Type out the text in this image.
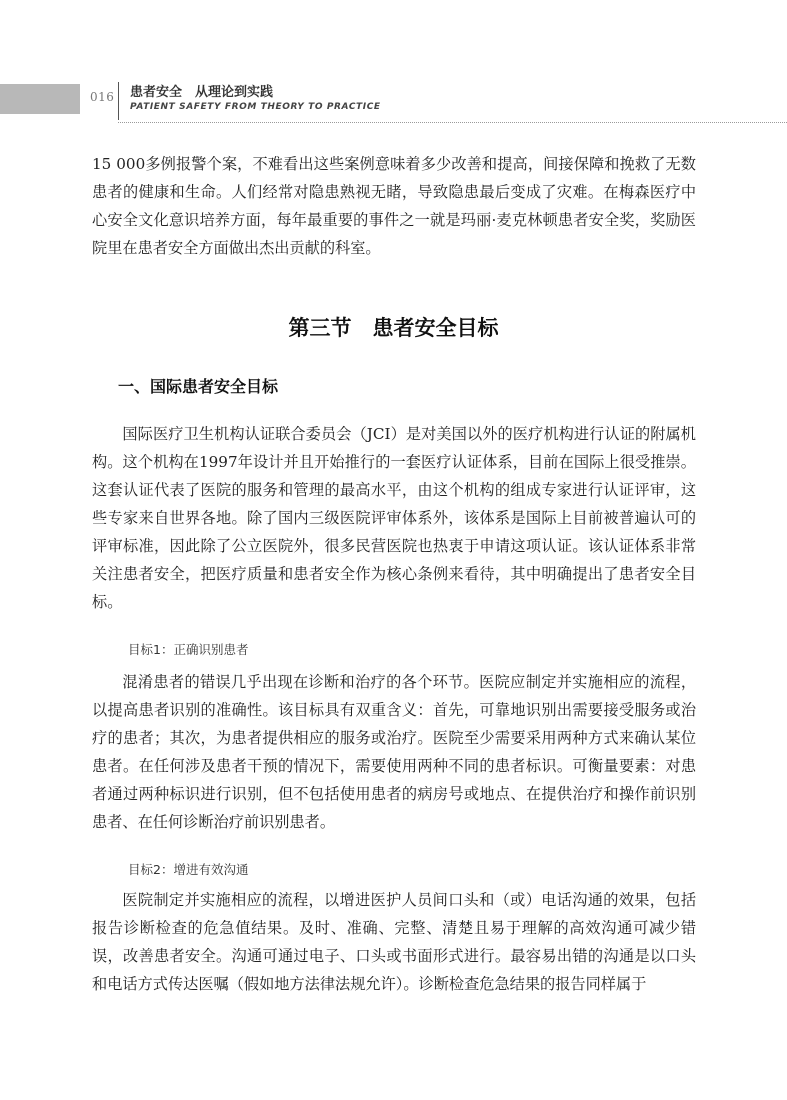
016 患者安全　从理论到实践
PATIENT SAFETY FROM THEORY TO PRACTICE

15 000多例报警个案，不难看出这些案例意味着多少改善和提高，间接保障和挽救了无数患者的健康和生命。人们经常对隐患熟视无睹，导致隐患最后变成了灾难。在梅森医疗中心安全文化意识培养方面，每年最重要的事件之一就是玛丽·麦克林顿患者安全奖，奖励医院里在患者安全方面做出杰出贡献的科室。

第三节　患者安全目标
一、国际患者安全目标

国际医疗卫生机构认证联合委员会（JCI）是对美国以外的医疗机构进行认证的附属机构。这个机构在1997年设计并且开始推行的一套医疗认证体系，目前在国际上很受推崇。这套认证代表了医院的服务和管理的最高水平，由这个机构的组成专家进行认证评审，这些专家来自世界各地。除了国内三级医院评审体系外，该体系是国际上目前被普遍认可的评审标准，因此除了公立医院外，很多民营医院也热衷于申请这项认证。该认证体系非常关注患者安全，把医疗质量和患者安全作为核心条例来看待，其中明确提出了患者安全目标。

目标1：正确识别患者

混淆患者的错误几乎出现在诊断和治疗的各个环节。医院应制定并实施相应的流程，以提高患者识别的准确性。该目标具有双重含义：首先，可靠地识别出需要接受服务或治疗的患者；其次，为患者提供相应的服务或治疗。医院至少需要采用两种方式来确认某位患者。在任何涉及患者干预的情况下，需要使用两种不同的患者标识。可衡量要素：对患者通过两种标识进行识别，但不包括使用患者的病房号或地点、在提供治疗和操作前识别患者、在任何诊断治疗前识别患者。

目标2：增进有效沟通

医院制定并实施相应的流程，以增进医护人员间口头和（或）电话沟通的效果，包括报告诊断检查的危急值结果。及时、准确、完整、清楚且易于理解的高效沟通可减少错误，改善患者安全。沟通可通过电子、口头或书面形式进行。最容易出错的沟通是以口头和电话方式传达医嘱（假如地方法律法规允许）。诊断检查危急结果的报告同样属于
